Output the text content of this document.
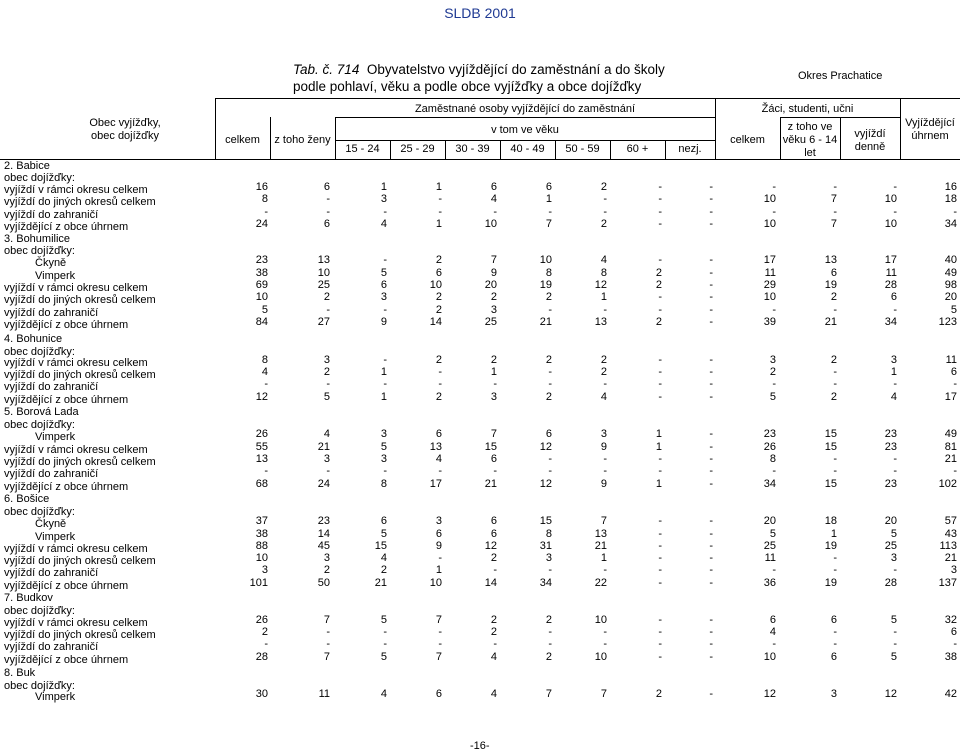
SLDB 2001
Tab. č. 714 Obyvatelstvo vyjíždějící do zaměstnání a do školy
podle pohlaví, věku a podle obce vyjížďky a obce dojížďky
Okres Prachatice
Obec vyjížďky,
obec dojížďky
Zaměstnané osoby vyjíždějící do zaměstnání	Žáci, studenti, učni
celkem	z toho ženy
v tom ve věku
15 - 24	25 - 29	30 - 39	40 - 49	50 - 59	60 +	nezj.
celkem
z toho ve
věku 6 - 14
let
vyjíždí
denně
Vyjíždějící
úhrnem
2. Babice
obec dojížďky:
vyjíždí v rámci okresu celkem	16	6	1	1	6	6	2	-	-	-	-	-	16
vyjíždí do jiných okresů celkem	8	-	3	-	4	1	-	-	-	10	7	10	18
vyjíždí do zahraničí	-	-	-	-	-	-	-	-	-	-	-	-	-
vyjíždějící z obce úhrnem	24	6	4	1	10	7	2	-	-	10	7	10	34
3. Bohumilice
obec dojížďky:
Čkyně	23	13	-	2	7	10	4	-	-	17	13	17	40
Vimperk	38	10	5	6	9	8	8	2	-	11	6	11	49
vyjíždí v rámci okresu celkem	69	25	6	10	20	19	12	2	-	29	19	28	98
vyjíždí do jiných okresů celkem	10	2	3	2	2	2	1	-	-	10	2	6	20
vyjíždí do zahraničí	5	-	-	2	3	-	-	-	-	-	-	-	5
vyjíždějící z obce úhrnem	84	27	9	14	25	21	13	2	-	39	21	34	123
4. Bohunice
obec dojížďky:
vyjíždí v rámci okresu celkem	8	3	-	2	2	2	2	-	-	3	2	3	11
vyjíždí do jiných okresů celkem	4	2	1	-	1	-	2	-	-	2	-	1	6
vyjíždí do zahraničí	-	-	-	-	-	-	-	-	-	-	-	-	-
vyjíždějící z obce úhrnem	12	5	1	2	3	2	4	-	-	5	2	4	17
5. Borová Lada
obec dojížďky:
Vimperk	26	4	3	6	7	6	3	1	-	23	15	23	49
vyjíždí v rámci okresu celkem	55	21	5	13	15	12	9	1	-	26	15	23	81
vyjíždí do jiných okresů celkem	13	3	3	4	6	-	-	-	-	8	-	-	21
vyjíždí do zahraničí	-	-	-	-	-	-	-	-	-	-	-	-	-
vyjíždějící z obce úhrnem	68	24	8	17	21	12	9	1	-	34	15	23	102
6. Bošice
obec dojížďky:
Čkyně	37	23	6	3	6	15	7	-	-	20	18	20	57
Vimperk	38	14	5	6	6	8	13	-	-	5	1	5	43
vyjíždí v rámci okresu celkem	88	45	15	9	12	31	21	-	-	25	19	25	113
vyjíždí do jiných okresů celkem	10	3	4	-	2	3	1	-	-	11	-	3	21
vyjíždí do zahraničí	3	2	2	1	-	-	-	-	-	-	-	-	3
vyjíždějící z obce úhrnem	101	50	21	10	14	34	22	-	-	36	19	28	137
7. Budkov
obec dojížďky:
vyjíždí v rámci okresu celkem	26	7	5	7	2	2	10	-	-	6	6	5	32
vyjíždí do jiných okresů celkem	2	-	-	-	2	-	-	-	-	4	-	-	6
vyjíždí do zahraničí	-	-	-	-	-	-	-	-	-	-	-	-	-
vyjíždějící z obce úhrnem	28	7	5	7	4	2	10	-	-	10	6	5	38
8. Buk
obec dojížďky:
Vimperk	30	11	4	6	4	7	7	2	-	12	3	12	42
-16-
